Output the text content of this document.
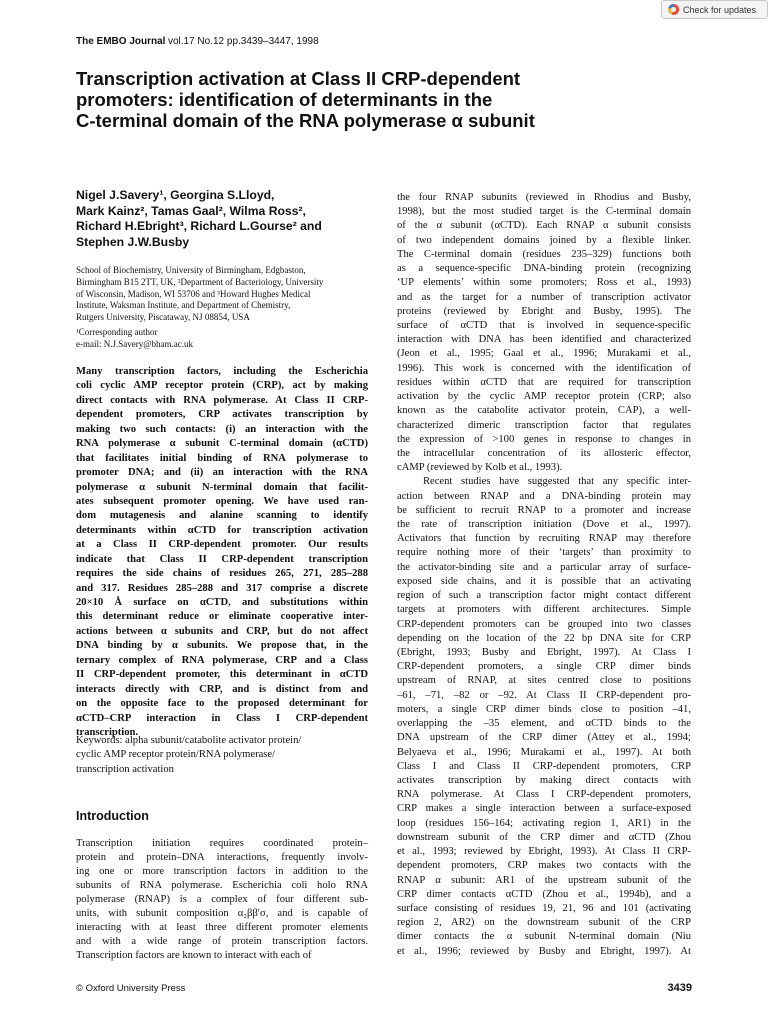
Check for updates
The EMBO Journal vol.17 No.12 pp.3439–3447, 1998
Transcription activation at Class II CRP-dependent
promoters: identification of determinants in the
C-terminal domain of the RNA polymerase α subunit
Nigel J.Savery¹, Georgina S.Lloyd,
Mark Kainz², Tamas Gaal², Wilma Ross²,
Richard H.Ebright³, Richard L.Gourse² and
Stephen J.W.Busby
School of Biochemistry, University of Birmingham, Edgbaston,
Birmingham B15 2TT, UK, ²Department of Bacteriology, University
of Wisconsin, Madison, WI 53706 and ³Howard Hughes Medical
Institute, Waksman Institute, and Department of Chemistry,
Rutgers University, Piscataway, NJ 08854, USA
¹Corresponding author
e-mail: N.J.Savery@bham.ac.uk
Many transcription factors, including the Escherichia
coli cyclic AMP receptor protein (CRP), act by making
direct contacts with RNA polymerase. At Class II CRP-
dependent promoters, CRP activates transcription by
making two such contacts: (i) an interaction with the
RNA polymerase α subunit C-terminal domain (αCTD)
that facilitates initial binding of RNA polymerase to
promoter DNA; and (ii) an interaction with the RNA
polymerase α subunit N-terminal domain that facilit-
ates subsequent promoter opening. We have used ran-
dom mutagenesis and alanine scanning to identify
determinants within αCTD for transcription activation
at a Class II CRP-dependent promoter. Our results
indicate that Class II CRP-dependent transcription
requires the side chains of residues 265, 271, 285–288
and 317. Residues 285–288 and 317 comprise a discrete
20×10 Å surface on αCTD, and substitutions within
this determinant reduce or eliminate cooperative inter-
actions between α subunits and CRP, but do not affect
DNA binding by α subunits. We propose that, in the
ternary complex of RNA polymerase, CRP and a Class
II CRP-dependent promoter, this determinant in αCTD
interacts directly with CRP, and is distinct from and
on the opposite face to the proposed determinant for
αCTD–CRP interaction in Class I CRP-dependent
transcription.
Keywords: alpha subunit/catabolite activator protein/
cyclic AMP receptor protein/RNA polymerase/
transcription activation
Introduction
Transcription initiation requires coordinated protein–
protein and protein–DNA interactions, frequently involv-
ing one or more transcription factors in addition to the
subunits of RNA polymerase. Escherichia coli holo RNA
polymerase (RNAP) is a complex of four different sub-
units, with subunit composition α₂ββ′σ, and is capable of
interacting with at least three different promoter elements
and with a wide range of protein transcription factors.
Transcription factors are known to interact with each of
the four RNAP subunits (reviewed in Rhodius and Busby,
1998), but the most studied target is the C-terminal domain
of the α subunit (αCTD). Each RNAP α subunit consists
of two independent domains joined by a flexible linker.
The C-terminal domain (residues 235–329) functions both
as a sequence-specific DNA-binding protein (recognizing
‘UP elements’ within some promoters; Ross et al., 1993)
and as the target for a number of transcription activator
proteins (reviewed by Ebright and Busby, 1995). The
surface of αCTD that is involved in sequence-specific
interaction with DNA has been identified and characterized
(Jeon et al., 1995; Gaal et al., 1996; Murakami et al.,
1996). This work is concerned with the identification of
residues within αCTD that are required for transcription
activation by the cyclic AMP receptor protein (CRP; also
known as the catabolite activator protein, CAP), a well-
characterized dimeric transcription factor that regulates
the expression of >100 genes in response to changes in
the intracellular concentration of its allosteric effector,
cAMP (reviewed by Kolb et al., 1993).
Recent studies have suggested that any specific inter-
action between RNAP and a DNA-binding protein may
be sufficient to recruit RNAP to a promoter and increase
the rate of transcription initiation (Dove et al., 1997).
Activators that function by recruiting RNAP may therefore
require nothing more of their ‘targets’ than proximity to
the activator-binding site and a particular array of surface-
exposed side chains, and it is possible that an activating
region of such a transcription factor might contact different
targets at promoters with different architectures. Simple
CRP-dependent promoters can be grouped into two classes
depending on the location of the 22 bp DNA site for CRP
(Ebright, 1993; Busby and Ebright, 1997). At Class I
CRP-dependent promoters, a single CRP dimer binds
upstream of RNAP, at sites centred close to positions
–61, –71, –82 or –92. At Class II CRP-dependent pro-
moters, a single CRP dimer binds close to position –41,
overlapping the –35 element, and αCTD binds to the
DNA upstream of the CRP dimer (Attey et al., 1994;
Belyaeva et al., 1996; Murakami et al., 1997). At both
Class I and Class II CRP-dependent promoters, CRP
activates transcription by making direct contacts with
RNA polymerase. At Class I CRP-dependent promoters,
CRP makes a single interaction between a surface-exposed
loop (residues 156–164; activating region 1, AR1) in the
downstream subunit of the CRP dimer and αCTD (Zhou
et al., 1993; reviewed by Ebright, 1993). At Class II CRP-
dependent promoters, CRP makes two contacts with the
RNAP α subunit: AR1 of the upstream subunit of the
CRP dimer contacts αCTD (Zhou et al., 1994b), and a
surface consisting of residues 19, 21, 96 and 101 (activating
region 2, AR2) on the downstream subunit of the CRP
dimer contacts the α subunit N-terminal domain (Niu
et al., 1996; reviewed by Busby and Ebright, 1997). At
© Oxford University Press	3439
